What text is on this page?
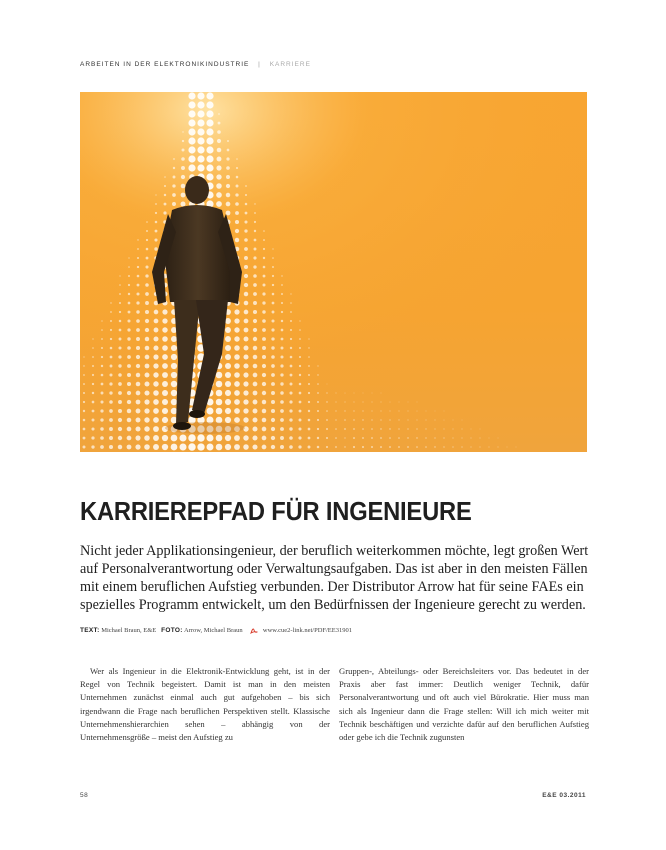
ARBEITEN IN DER ELEKTRONIKINDUSTRIE | KARRIERE
KARRIEREPFAD FÜR INGENIEURE

Nicht jeder Applikationsingenieur, der beruflich weiterkommen möchte, legt großen Wert auf Personalverantwortung oder Verwaltungsaufgaben. Das ist aber in den meisten Fällen mit einem beruflichen Aufstieg verbunden. Der Distributor Arrow hat für seine FAEs ein spezielles Programm entwickelt, um den Bedürfnissen der Ingenieure gerecht zu werden.

TEXT: Michael Braun, E&E FOTO: Arrow, Michael Braun	www.cue2-link.net/PDF/EE31901

Wer als Ingenieur in die Elektronik-Entwicklung geht, ist in der Regel von Technik begeistert. Damit ist man in den meisten Unternehmen zunächst einmal auch gut aufgehoben – bis sich irgendwann die Frage nach beruflichen Perspektiven stellt. Klassische Unternehmenshierarchien sehen – abhängig von der Unternehmensgröße – meist den Aufstieg zu

Gruppen-, Abteilungs- oder Bereichsleiters vor. Das bedeutet in der Praxis aber fast immer: Deutlich weniger Technik, dafür Personalverantwortung und oft auch viel Bürokratie. Hier muss man sich als Ingenieur dann die Frage stellen: Will ich mich weiter mit Technik beschäftigen und verzichte dafür auf den beruflichen Aufstieg oder gebe ich die Technik zugunsten

58	E&E 03.2011
